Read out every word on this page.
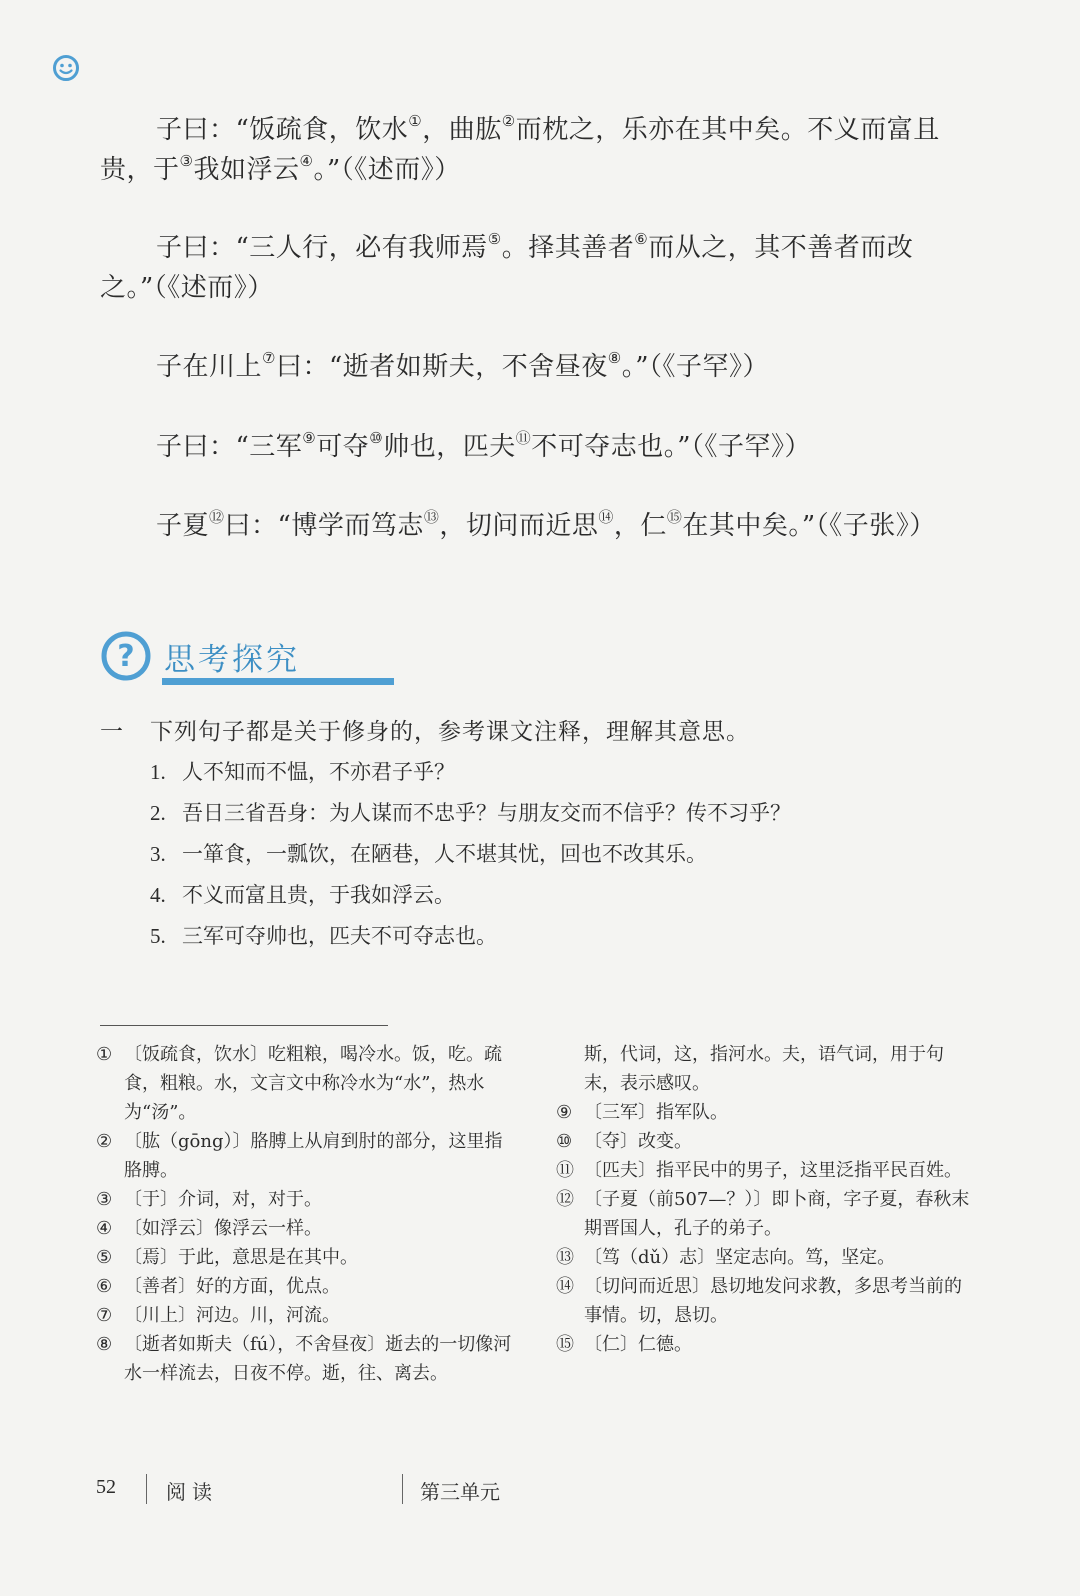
子曰：“饭疏食，饮水①，曲肱②而枕之，乐亦在其中矣。不义而富且贵，于③我如浮云④。”（《述而》）

子曰：“三人行，必有我师焉⑤。择其善者⑥而从之，其不善者而改之。”（《述而》）

子在川上⑦曰：“逝者如斯夫，不舍昼夜⑧。”（《子罕》）

子曰：“三军⑨可夺⑩帅也，匹夫⑪不可夺志也。”（《子罕》）

子夏⑫曰：“博学而笃志⑬，切问而近思⑭，仁⑮在其中矣。”（《子张》）

? 思考探究
一 下列句子都是关于修身的，参考课文注释，理解其意思。
1. 人不知而不愠，不亦君子乎？
2. 吾日三省吾身：为人谋而不忠乎？与朋友交而不信乎？传不习乎？
3. 一箪食，一瓢饮，在陋巷，人不堪其忧，回也不改其乐。
4. 不义而富且贵，于我如浮云。
5. 三军可夺帅也，匹夫不可夺志也。
① 〔饭疏食，饮水〕吃粗粮，喝冷水。饭，吃。疏食，粗粮。水，文言文中称冷水为“水”，热水为“汤”。
② 〔肱（gōng）〕胳膊上从肩到肘的部分，这里指胳膊。
③ 〔于〕介词，对，对于。
④ 〔如浮云〕像浮云一样。
⑤ 〔焉〕于此，意思是在其中。
⑥ 〔善者〕好的方面，优点。
⑦ 〔川上〕河边。川，河流。
⑧ 〔逝者如斯夫（fú），不舍昼夜〕逝去的一切像河水一样流去，日夜不停。逝，往、离去。
斯，代词，这，指河水。夫，语气词，用于句末，表示感叹。
⑨ 〔三军〕指军队。
⑩ 〔夺〕改变。
⑪ 〔匹夫〕指平民中的男子，这里泛指平民百姓。
⑫ 〔子夏（前507—？）〕即卜商，字子夏，春秋末期晋国人，孔子的弟子。
⑬ 〔笃（dǔ）志〕坚定志向。笃，坚定。
⑭ 〔切问而近思〕恳切地发问求教，多思考当前的事情。切，恳切。
⑮ 〔仁〕仁德。
52	阅读	第三单元
